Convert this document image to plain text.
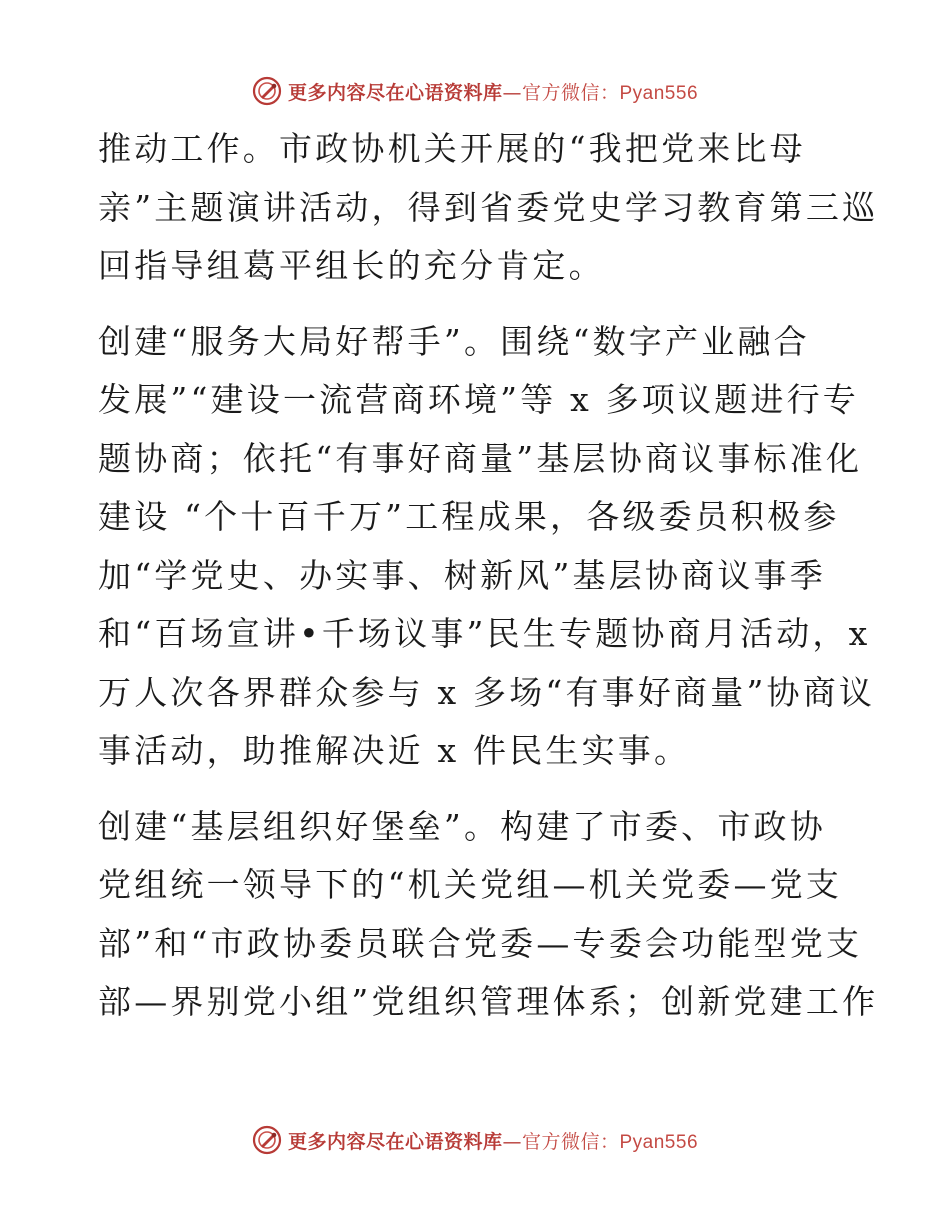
更多内容尽在心语资料库—官方微信：Pyan556

推动工作。市政协机关开展的“我把党来比母
亲”主题演讲活动，得到省委党史学习教育第三巡
回指导组葛平组长的充分肯定。

创建“服务大局好帮手”。围绕“数字产业融合
发展”“建设一流营商环境”等 x 多项议题进行专
题协商；依托“有事好商量”基层协商议事标准化
建设 “个十百千万”工程成果，各级委员积极参
加“学党史、办实事、树新风”基层协商议事季
和“百场宣讲•千场议事”民生专题协商月活动，x
万人次各界群众参与 x 多场“有事好商量”协商议
事活动，助推解决近 x 件民生实事。

创建“基层组织好堡垒”。构建了市委、市政协
党组统一领导下的“机关党组—机关党委—党支
部”和“市政协委员联合党委—专委会功能型党支
部—界别党小组”党组织管理体系；创新党建工作

更多内容尽在心语资料库—官方微信：Pyan556
